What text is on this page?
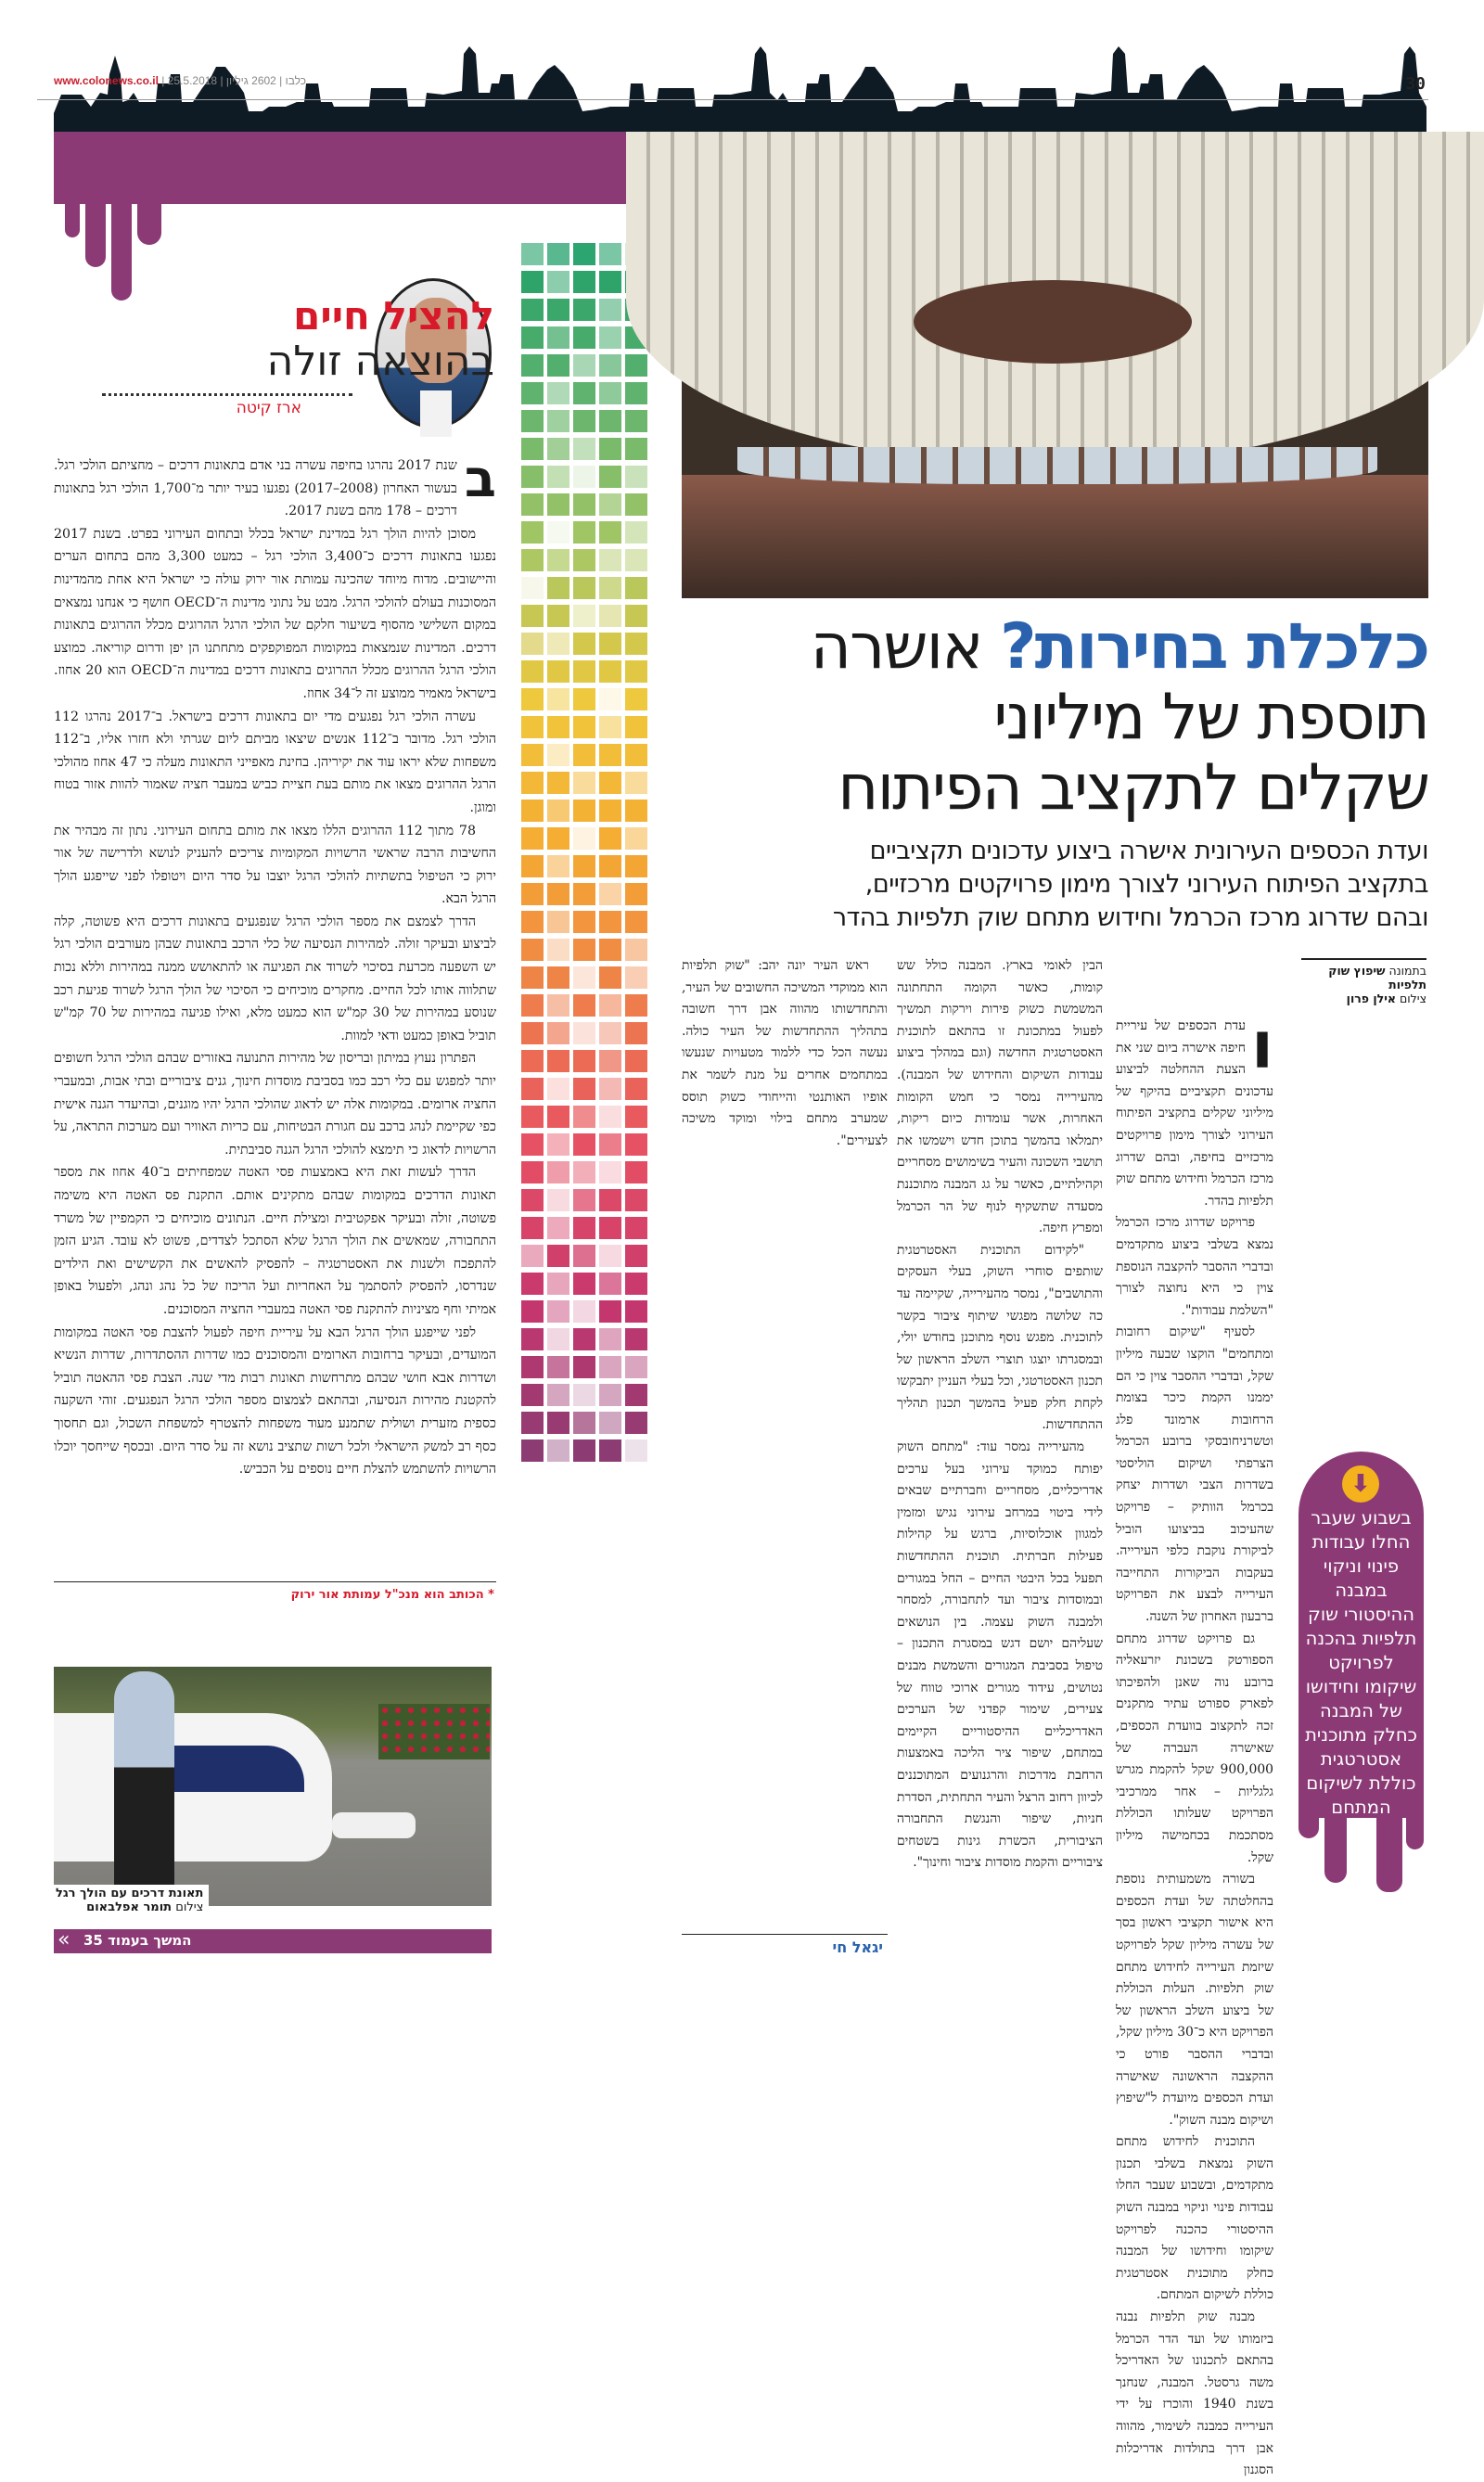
www.colonews.co.il | כלבו | 2602 גיליון | 25.5.2018	30
להציל חיים
בהוצאה זולה
ארז קיטה

ב
שנת 2017 נהרגו בחיפה עשרה בני אדם בתאונות דרכים – מחציתם הולכי רגל. בעשור האחרון (2008–2017) נפגעו בעיר יותר מ־1,700 הולכי רגל בתאונות דרכים – 178 מהם בשנת 2017.

מסוכן להיות הולך רגל במדינת ישראל בכלל ובתחום העירוני בפרט. בשנת 2017 נפגעו בתאונות דרכים כ־3,400 הולכי רגל – כמעט 3,300 מהם בתחום הערים והיישובים. מדוח מיוחד שהכינה עמותת אור ירוק עולה כי ישראל היא אחת מהמדינות המסוכנות בעולם להולכי הרגל. מבט על נתוני מדינות ה־OECD חושף כי אנחנו נמצאים במקום השלישי מהסוף בשיעור חלקם של הולכי הרגל ההרוגים מכלל ההרוגים בתאונות דרכים. המדינות שנמצאות במקומות המפוקפקים מתחתנו הן יפן ודרום קוריאה. כמוצע הולכי הרגל ההרוגים מכלל ההרוגים בתאונות דרכים במדינות ה־OECD הוא 20 אחוז. בישראל מאמיר ממוצע זה ל־34 אחוז.

עשרה הולכי רגל נפגעים מדי יום בתאונות דרכים בישראל. ב־2017 נהרגו 112 הולכי רגל. מדובר ב־112 אנשים שיצאו מביתם ליום שגרתי ולא חזרו אליו, ב־112 משפחות שלא יראו עוד את יקיריהן. בחינת מאפייני התאונות מעלה כי 47 אחוז מהולכי הרגל ההרוגים מצאו את מותם בעת חציית כביש במעבר חציה שאמור להוות אזור בטוח ומוגן.

78 מתוך 112 ההרוגים הללו מצאו את מותם בתחום העירוני. נתון זה מבהיר את החשיבות הרבה שראשי הרשויות המקומיות צריכים להעניק לנושא ולדרישה של אור ירוק כי הטיפול בתשתיות להולכי הרגל יוצבו על סדר היום ויטופלו לפני שייפגע הולך הרגל הבא.

הדרך לצמצם את מספר הולכי הרגל שנפגעים בתאונות דרכים היא פשוטה, קלה לביצוע ובעיקר זולה. למהירות הנסיעה של כלי הרכב בתאונות שבהן מעורבים הולכי רגל יש השפעה מכרעת בסיכוי לשרוד את הפגיעה או להתאושש ממנה במהירות וללא נכות שתלווה אותו לכל החיים. מחקרים מוכיחים כי הסיכוי של הולך הרגל לשרוד פגיעת רכב שנוסע במהירות של 30 קמ"ש הוא כמעט מלא, ואילו פגיעה במהירות של 70 קמ"ש תוביל באופן כמעט ודאי למוות.

הפתרון נעוץ במיתון ובריסון של מהירות התנועה באזורים שבהם הולכי הרגל חשופים יותר למפגש עם כלי רכב כמו בסביבת מוסדות חינוך, גנים ציבוריים ובתי אבות, ובמעברי החציה ארומים. במקומות אלה יש לדאוג שהולכי הרגל יהיו מוגנים, ובהיעדר הגנה אישית כפי שקיימת לנהג ברכב עם חגורת הבטיחות, עם כריות האוויר ועם מערכות התראה, על הרשויות לדאוג כי תימצא להולכי הרגל הגנה סביבתית.

הדרך לעשות זאת היא באמצעות פסי האטה שמפחיתים ב־40 אחוז את מספר תאונות הדרכים במקומות שבהם מתקינים אותם. התקנת פס האטה היא משימה פשוטה, זולה ובעיקר אפקטיבית ומצילת חיים. הנתונים מוכיחים כי הקמפיין של משרד התחבורה, שמאשים את הולך הרגל שלא הסתכל לצדדים, פשוט לא עובד. הגיע הזמן להתפכח ולשנות את האסטרטגיה – להפסיק להאשים את הקשישים ואת הילדים שנדרסו, להפסיק להסתמך על האחריות ועל הריכוז של כל נהג ונהג, ולפעול באופן אמיתי וחף מציניות להתקנת פסי האטה במעברי החציה המסוכנים.

לפני שייפגע הולך הרגל הבא על עיריית חיפה לפעול להצבת פסי האטה במקומות המועדים, ובעיקר ברחובות הארומים והמסוכנים כמו שדרות ההסתדרות, שדרות הנשיא ושדרות אבא חושי שבהם מתרחשות תאונות רבות מדי שנה. הצבת פסי ההאטה תוביל להקטנת מהירות הנסיעה, ובהתאם לצמצום מספר הולכי הרגל הנפגעים. זוהי השקעה כספית מזערית ושולית שתמנע מעוד משפחות להצטרף למשפחת השכול, וגם תחסוך כסף רב למשק הישראלי ולכל רשות שתציב נושא זה על סדר היום. ובכסף שייחסך יוכלו הרשויות להשתמש להצלת חיים נוספים על הכביש.

* הכותב הוא מנכ"ל עמותת אור ירוק
תאונת דרכים עם הולך רגל
צילום תומר אפלבאום
« המשך בעמוד 35
כלכלת בחירות? אושרה
תוספת של מיליוני
שקלים לתקציב הפיתוח
ועדת הכספים העירונית אישרה ביצוע עדכונים תקציביים
בתקציב הפיתוח העירוני לצורך מימון פרויקטים מרכזיים,
ובהם שדרוג מרכז הכרמל וחידוש מתחם שוק תלפיות בהדר
בתמונה שיפוץ שוק תלפיות
צילום אילן פרון

ו
עדת הכספים של עיריית חיפה אישרה ביום שני את הצעת ההחלטה לביצוע עדכונים תקציביים בהיקף של מיליוני שקלים בתקציב הפיתוח העירוני לצורך מימון פרויקטים מרכזיים בחיפה, ובהם שדרוג מרכז הכרמל וחידוש מתחם שוק תלפיות בהדר.

פרויקט שדרוג מרכז הכרמל נמצא בשלבי ביצוע מתקדמים ובדברי ההסבר להקצבה הנוספת צוין כי היא נחוצה לצורך "השלמת עבודות".

לסעיף "שיקום רחובות ומתחמים" הוקצו שבעה מיליון שקל, ובדברי ההסבר צוין כי הם יממנו הקמת כיכר בצומת הרחובות ארמונד פלג וטשרניחובסקי ברובע הכרמל הצרפתי ושיקום הוליסטי בשדרות הצבי ושדרות יצחק בכרמל הוותיק – פרויקט שהעיכוב בביצועו הוביל לביקורת נוקבת כלפי העירייה. בעקבות הביקורות התחייבה העירייה לבצע את הפרויקט ברבעון האחרון של השנה.

גם פרויקט שדרוג מתחם הספורטק בשכונת יזרעאליה ברובע נוה שאנן ולהפיכתו לפארק ספורט עתיר מתקנים זכה לתקצוב בוועדת הכספים, שאישרה העברה של 900,000 שקל להקמת מגרש גלגליות – אחר ממרכיבי הפרויקט שעלותו הכוללת מסתכמת בכחמישה מיליון שקל.

בשורה משמעותית נוספת בהחלטתה של ועדת הכספים היא אישור תקציבי ראשון בסך של עשרה מיליון שקל לפרויקט שיזמת העירייה לחידוש מתחם שוק תלפיות. העלות הכוללת של ביצוע השלב הראשון של הפרויקט היא כ־30 מיליון שקל, ובדברי ההסבר פורט כי ההקצבה הראשונה שאישרה ועדת הכספים מיועדת ל"שיפוץ ושיקום מבנה השוק".

התוכנית לחידוש מתחם השוק נמצאת בשלבי תכנון מתקדמים, ובשבוע שעבר החלו עבודות פינוי וניקוי במבנה השוק ההיסטורי כהכנה לפרויקט שיקומו וחידושו של המבנה כחלק מתוכנית אסטרטגית כוללת לשיקום המתחם.

מבנה שוק תלפיות נבנה ביזמותו של ועד הדר הכרמל בהתאם לתכנונו של האדריכל משה גרסטל. המבנה, שנחנך בשנת 1940 והוכרז על ידי העירייה כמבנה לשימור, מהווה אבן דרך בתולדות אדריכלות הסגנון

הבין לאומי בארץ. המבנה כולל שש קומות, כאשר הקומה התחתונה המשמשת כשוק פירות וירקות תמשיך לפעול במתכונת זו בהתאם לתוכנית האסטרטגית החדשה (וגם במהלך ביצוע עבודות השיקום והחידוש של המבנה). מהעירייה נמסר כי חמש הקומות האחרות, אשר עומדות כיום ריקות, יתמלאו בהמשך בתוכן חדש וישמשו את תושבי השכונה והעיר בשימושים מסחריים וקהילתיים, כאשר על גג המבנה מתוכננת מסעדה שתשקיף לנוף של הר הכרמל ומפרץ חיפה.

"לקידום התוכנית האסטרטגית שותפים סוחרי השוק, בעלי העסקים והתושבים", נמסר מהעירייה, שקיימה עד כה שלושה מפגשי שיתוף ציבור בקשר לתוכנית. מפגש נוסף מתוכנן בחודש יולי, ובמסגרתו יוצגו תוצרי השלב הראשון של תכנון האסטרטגי, וכל בעלי העניין יתבקשו לקחת חלק פעיל בהמשך תכנון תהליך ההתחדשות.

מהעירייה נמסר עוד: "מתחם השוק יפותח כמוקד עירוני בעל ערכים אדריכליים, מסחריים וחברתיים שבאים לידי ביטוי במרחב עירוני נגיש ומזמין למגוון אוכלוסיות, ברגש על קהילות פעילות חברתית. תוכנית ההתחדשות תפעל בכל היבטי החיים – החל במגורים ובמוסדות ציבור ועד לתחבורה, למסחר ולמבנה השוק עצמה. בין הנושאים שעליהם יושם דגש במסגרת התכנון – טיפול בסביבת המגורים והשמשת מבנים נטושים, עידוד מגורים ארוכי טווח של צעירים, שימור קפדני של הערכים האדריכליים ההיסטוריים הקיימים במתחם, שיפור ציר הליכה באמצעות הרחבת מדרכות והרגנועים המתוכננים לכיוון רחוב הרצל והעיר התחתית, הסדרת חניות, שיפור והנגשת התחבורה הציבורית, הכשרת גינות בשטחים ציבוריים והקמת מוסדות ציבור וחינוך".

ראש העיר יונה יהב: "שוק תלפיות הוא ממוקדי המשיכה החשובים של העיר, והתחדשותו מהווה אבן דרך חשובה בתהליך ההתחדשות של העיר כולה. נעשה הכל כדי ללמוד מטעויות שנעשו במתחמים אחרים על מנת לשמר את אופיו האותנטי והייחודי כשוק תוסס שמערב מתחם בילוי ומוקד משיכה לצעירים".

יגאל חי
⬇
בשבוע שעבר החלו עבודות פינוי וניקוי במבנה ההיסטורי שוק תלפיות בהכנה לפרויקט שיקומו וחידושו של המבנה כחלק מתוכנית אסטרטגית כוללת לשיקום המתחם
